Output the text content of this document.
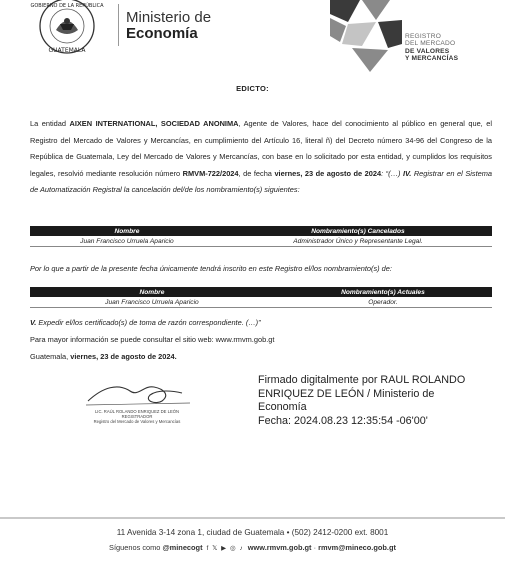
GOBIERNO DE LA REPÚBLICA
GUATEMALA
Ministerio de
Economía	REGISTRO
DEL MERCADO
DE VALORES
Y MERCANCÍAS
EDICTO:
La entidad AIXEN INTERNATIONAL, SOCIEDAD ANONIMA, Agente de Valores, hace del conocimiento al público en general que, el Registro del Mercado de Valores y Mercancías, en cumplimiento del Artículo 16, literal ñ) del Decreto número 34-96 del Congreso de la República de Guatemala, Ley del Mercado de Valores y Mercancías, con base en lo solicitado por esta entidad, y cumplidos los requisitos legales, resolvió mediante resolución número RMVM-722/2024, de fecha viernes, 23 de agosto de 2024: “(…) IV. Registrar en el Sistema de Automatización Registral la cancelación del/de los nombramiento(s) siguientes:
Nombre	Nombramiento(s) Cancelados
Juan Francisco Urruela Aparicio	Administrador Único y Representante Legal.
Por lo que a partir de la presente fecha únicamente tendrá inscrito en este Registro el/los nombramiento(s) de:
Nombre	Nombramiento(s) Actuales
Juan Francisco Urruela Aparicio	Operador.
V. Expedir el/los certificado(s) de toma de razón correspondiente. (…)”
Para mayor información se puede consultar el sitio web: www.rmvm.gob.gt
Guatemala, viernes, 23 de agosto de 2024.
LIC. RAÚL ROLANDO ENRIQUEZ DE LEÓN
REGISTRADOR
Registro del Mercado de Valores y Mercancías
Firmado digitalmente por RAUL ROLANDO
ENRIQUEZ DE LEÓN / Ministerio de
Economía
Fecha: 2024.08.23 12:35:54 -06'00'
11 Avenida 3-14 zona 1, ciudad de Guatemala • (502) 2412-0200 ext. 8001
Síguenos como @minecogt f 𝕏 ▶ ◎ ♪ www.rmvm.gob.gt · rmvm@mineco.gob.gt
